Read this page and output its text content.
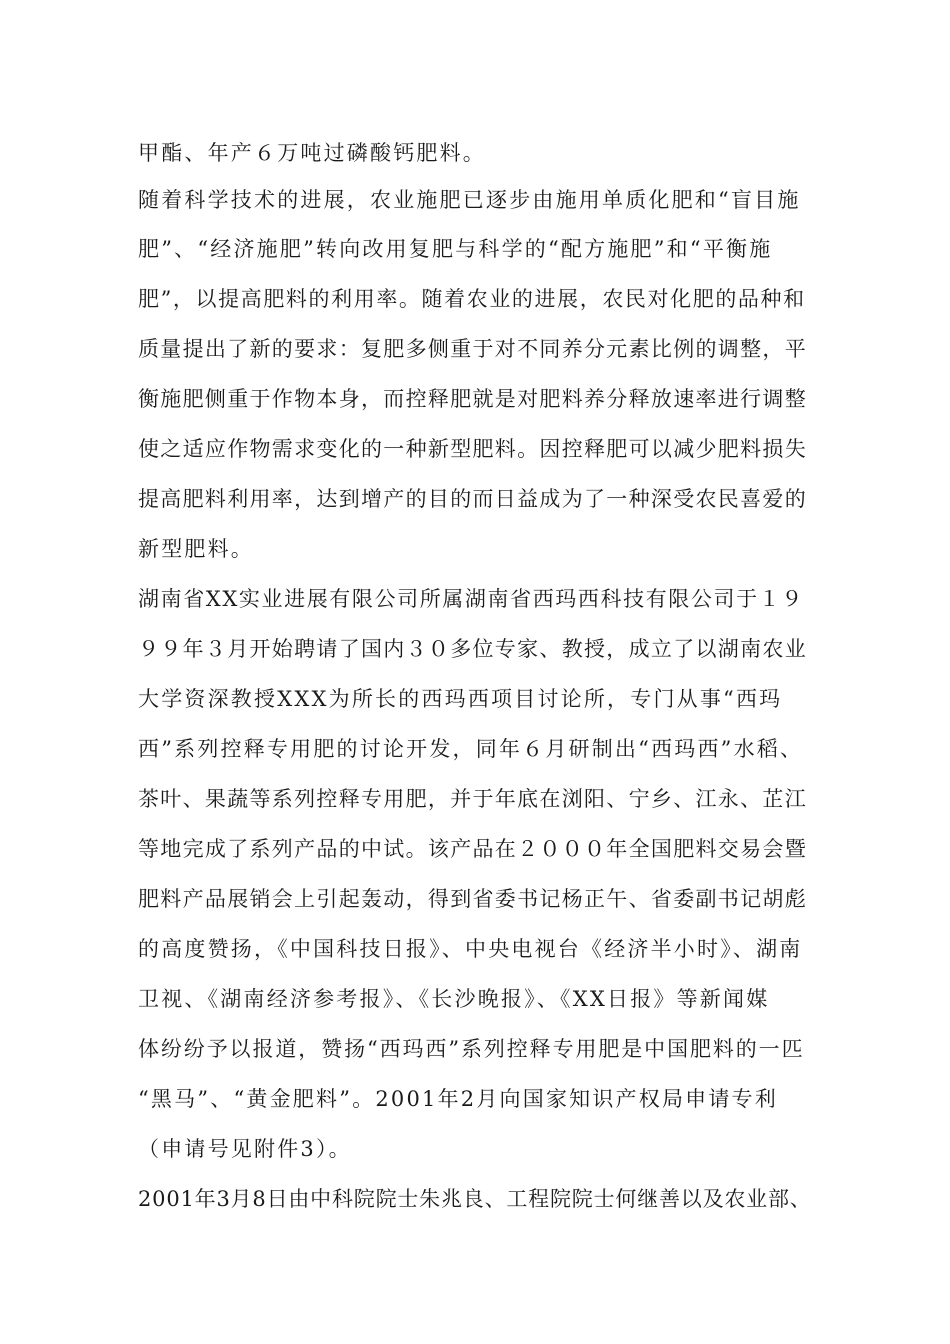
甲酯、年产６万吨过磷酸钙肥料。
随着科学技术的进展，农业施肥已逐步由施用单质化肥和“盲目施
肥”、“经济施肥”转向改用复肥与科学的“配方施肥”和“平衡施
肥”，以提高肥料的利用率。随着农业的进展，农民对化肥的品种和
质量提出了新的要求：复肥多侧重于对不同养分元素比例的调整，平
衡施肥侧重于作物本身，而控释肥就是对肥料养分释放速率进行调整
使之适应作物需求变化的一种新型肥料。因控释肥可以减少肥料损失
提高肥料利用率，达到增产的目的而日益成为了一种深受农民喜爱的
新型肥料。
湖南省XX实业进展有限公司所属湖南省西玛西科技有限公司于１９
９９年３月开始聘请了国内３０多位专家、教授，成立了以湖南农业
大学资深教授XXX为所长的西玛西项目讨论所，专门从事“西玛
西”系列控释专用肥的讨论开发，同年６月研制出“西玛西”水稻、
茶叶、果蔬等系列控释专用肥，并于年底在浏阳、宁乡、江永、芷江
等地完成了系列产品的中试。该产品在２０００年全国肥料交易会暨
肥料产品展销会上引起轰动，得到省委书记杨正午、省委副书记胡彪
的高度赞扬，《中国科技日报》、中央电视台《经济半小时》、湖南
卫视、《湖南经济参考报》、《长沙晚报》、《XX日报》等新闻媒
体纷纷予以报道，赞扬“西玛西”系列控释专用肥是中国肥料的一匹
“黑马”、“黄金肥料”。2001年2月向国家知识产权局申请专利
（申请号见附件3）。
2001年3月8日由中科院院士朱兆良、工程院院士何继善以及农业部、
